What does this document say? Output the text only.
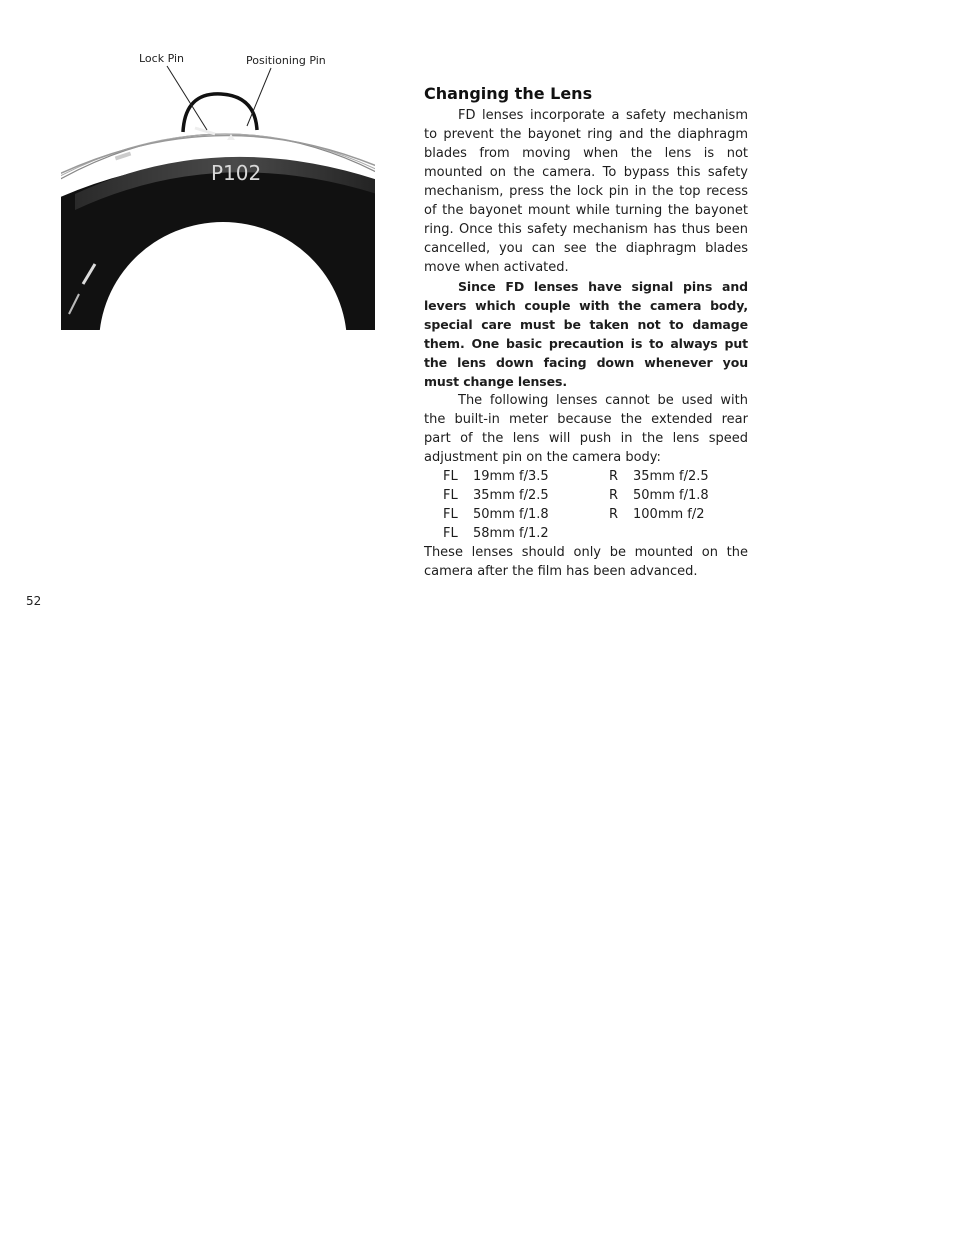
P102
Lock Pin	Positioning Pin
Changing the Lens

FD lenses incorporate a safety mechanism to prevent the bayonet ring and the diaphragm blades from moving when the lens is not mounted on the camera. To bypass this safety mechanism, press the lock pin in the top recess of the bayonet mount while turning the bayonet ring. Once this safety mechanism has thus been cancelled, you can see the diaphragm blades move when activated.

Since FD lenses have signal pins and levers which couple with the camera body, special care must be taken not to damage them. One basic precaution is to always put the lens down facing down whenever you must change lenses.

The following lenses cannot be used with the built-in meter because the extended rear part of the lens will push in the lens speed adjustment pin on the camera body:

FL	19mm f/3.5	R	35mm f/2.5
FL	35mm f/2.5	R	50mm f/1.8
FL	50mm f/1.8	R	100mm f/2
FL	58mm f/1.2

These lenses should only be mounted on the camera after the film has been advanced.

52
